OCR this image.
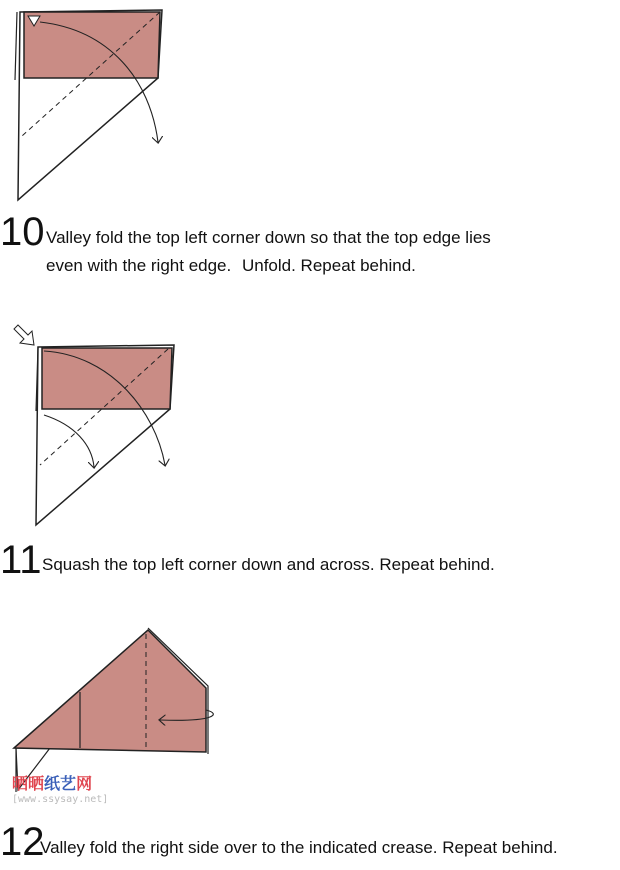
10 Valley fold the top left corner down so that the top edge lies
even with the right edge. Unfold. Repeat behind.
11 Squash the top left corner down and across. Repeat behind.
晒晒纸艺网
[www.ssysay.net]
12
Valley fold the right side over to the indicated crease. Repeat behind.
